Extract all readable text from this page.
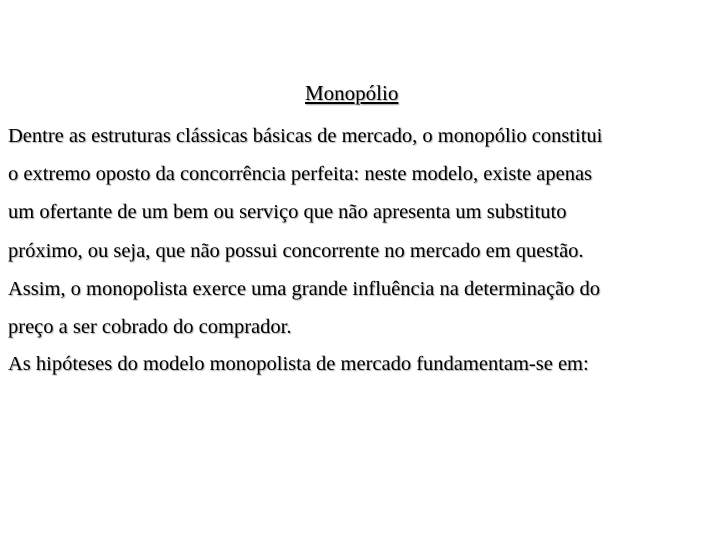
Monopólio

Dentre as estruturas clássicas básicas de mercado, o monopólio constitui
o extremo oposto da concorrência perfeita: neste modelo, existe apenas
um ofertante de um bem ou serviço que não apresenta um substituto
próximo, ou seja, que não possui concorrente no mercado em questão.
Assim, o monopolista exerce uma grande influência na determinação do
preço a ser cobrado do comprador.

As hipóteses do modelo monopolista de mercado fundamentam-se em:
